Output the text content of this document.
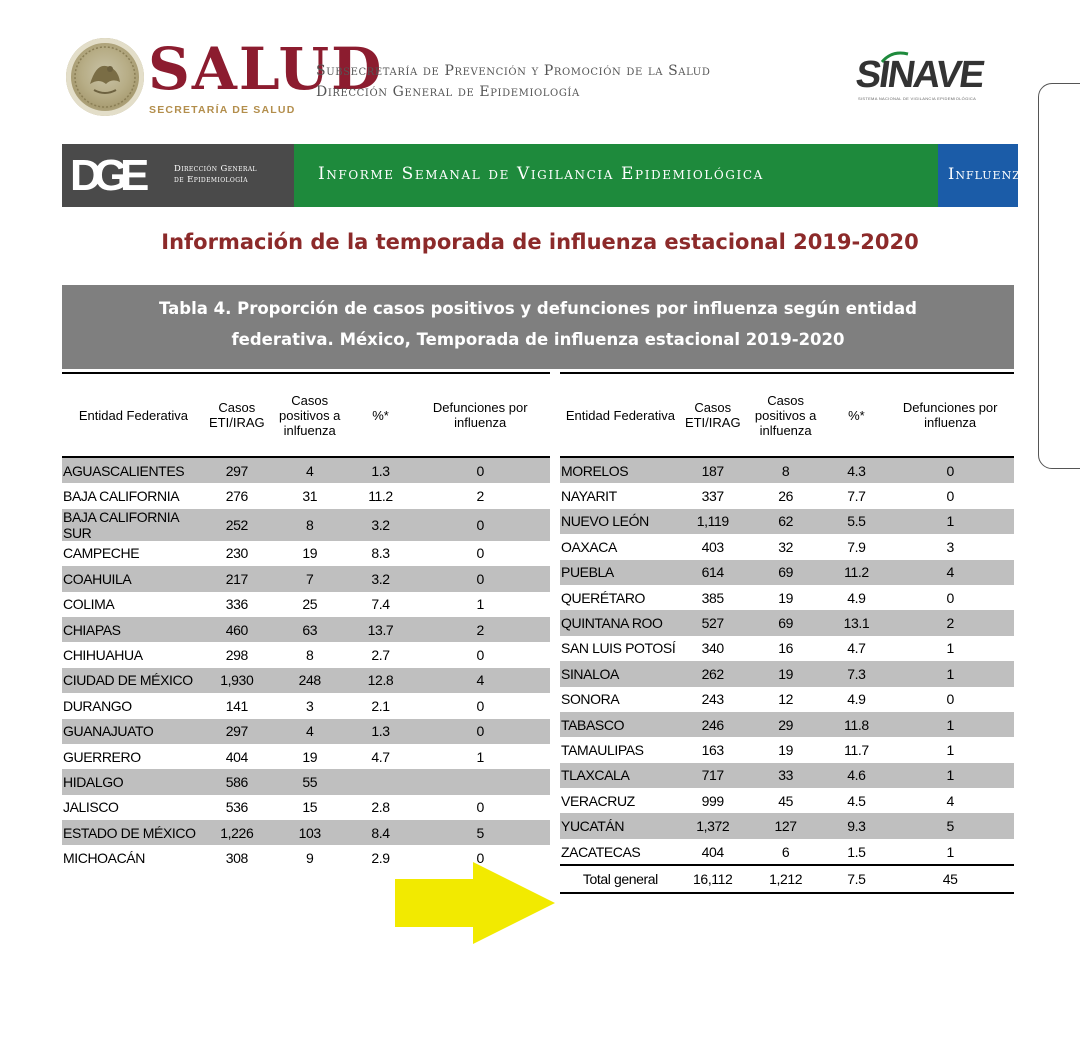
SALUD
SECRETARÍA DE SALUD
Subsecretaría de Prevención y Promoción de la Salud
Dirección General de Epidemiología	SINAVE
SISTEMA NACIONAL DE VIGILANCIA EPIDEMIOLÓGICA
DGE	Dirección General
de Epidemiología	Informe Semanal de Vigilancia Epidemiológica	Influenza
Información de la temporada de influenza estacional 2019-2020
Tabla 4. Proporción de casos positivos y defunciones por influenza según entidad
federativa. México, Temporada de influenza estacional 2019-2020
Entidad Federativa	Casos ETI/IRAG	Casos positivos a inlfuenza	%*	Defunciones por influenza
AGUASCALIENTES	297	4	1.3	0
BAJA CALIFORNIA	276	31	11.2	2
BAJA CALIFORNIA SUR	252	8	3.2	0
CAMPECHE	230	19	8.3	0
COAHUILA	217	7	3.2	0
COLIMA	336	25	7.4	1
CHIAPAS	460	63	13.7	2
CHIHUAHUA	298	8	2.7	0
CIUDAD DE MÉXICO	1,930	248	12.8	4
DURANGO	141	3	2.1	0
GUANAJUATO	297	4	1.3	0
GUERRERO	404	19	4.7	1
HIDALGO	586	55		
JALISCO	536	15	2.8	0
ESTADO DE MÉXICO	1,226	103	8.4	5
MICHOACÁN	308	9	2.9	0
Entidad Federativa	Casos ETI/IRAG	Casos positivos a inlfuenza	%*	Defunciones por influenza
MORELOS	187	8	4.3	0
NAYARIT	337	26	7.7	0
NUEVO LEÓN	1,119	62	5.5	1
OAXACA	403	32	7.9	3
PUEBLA	614	69	11.2	4
QUERÉTARO	385	19	4.9	0
QUINTANA ROO	527	69	13.1	2
SAN LUIS POTOSÍ	340	16	4.7	1
SINALOA	262	19	7.3	1
SONORA	243	12	4.9	0
TABASCO	246	29	11.8	1
TAMAULIPAS	163	19	11.7	1
TLAXCALA	717	33	4.6	1
VERACRUZ	999	45	4.5	4
YUCATÁN	1,372	127	9.3	5
ZACATECAS	404	6	1.5	1
Total general	16,112	1,212	7.5	45
